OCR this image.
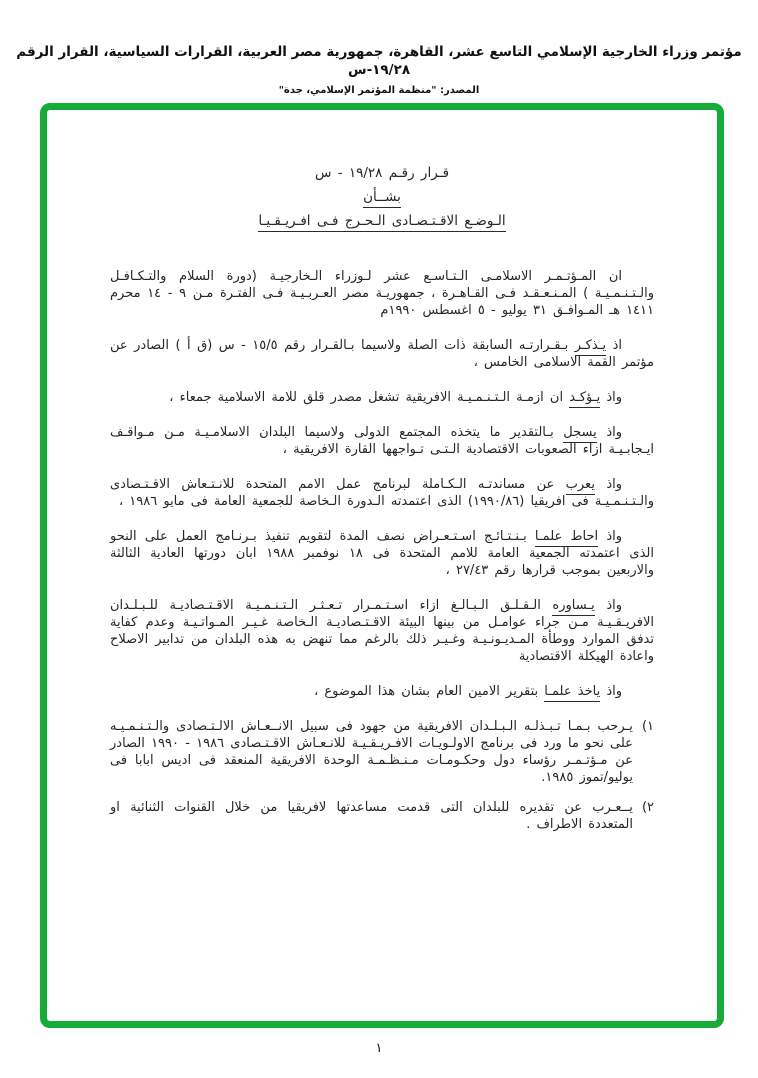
مؤتمر وزراء الخارجية الإسلامي التاسع عشر، القاهرة، جمهورية مصر العربية، القرارات السياسية، القرار الرقم ١٩/٢٨-س
المصدر: "منظمة المؤتمر الإسلامي، جدة"
قـرار رقـم ١٩/٢٨ - س
بشــأن
الـوضـع الاقـتـصـادى الـحـرج فـى افـريـقـيـا

ان المـؤتـمـر الاسلامـى الـتـاسـع عشر لـوزراء الـخارجيـة (دورة السلام والتـكـافـل والـتـنـمـيـة ) المـنـعـقـد فـى القـاهـرة ، جمهوريـة مصر العـربـيـة فـى الفتـرة مـن ٩ - ١٤ محرم ١٤١١ هـ المـوافـق ٣١ يوليو - ٥ اغسطس ١٩٩٠م

اذ يـذكـر بـقـرارتـه السابقة ذات الصلة ولاسيما بـالقـرار رقم ١٥/٥ - س (ق أ ) الصادر عن مؤتمر القمة الاسلامى الخامس ،

واذ يـؤكـد ان ازمـة الـتـنـمـيـة الافريقية تشغل مصدر قلق للامة الاسلامية جمعاء ،

واذ يسجل بـالتقدير ما يتخذه المجتمع الدولى ولاسيما البلدان الاسلامـيـة مـن مـواقـف ايـجابـيـة ازاء الصعوبات الاقتصادية الـتـى تـواجهها القارة الافريقية ،

واذ يعرب عن مساندتـه الـكـاملة لبرنامج عمل الامم المتحدة للانـتـعاش الاقـتـصادى والـتـنـمـيـة فى افريقيا (١٩٩٠/٨٦) الذى اعتمدته الـدورة الـخاصة للجمعية العامة فى مايو ١٩٨٦ ،

واذ احاط علمـا بـنـتـائـج اسـتـعـراض نصف المدة لتقويم تنفيذ بـرنـامج العمل على النحو الذى اعتمدته الجمعية العامة للامم المتحدة فى ١٨ نوفمبر ١٩٨٨ ابان دورتها العادية الثالثة والاربعين بموجب قرارها رقم ٢٧/٤٣ ،

واذ يـساوره الـقـلـق الـبـالـغ ازاء اسـتـمـرار تـعـثـر الـتـنـمـيـة الاقـتـصاديـة للـبـلـدان الافريـقـيـة مـن جراء عوامـل من بينها البيئة الاقـتـصاديـة الـخاصة غـيـر المـواتـيـة وعدم كفاية تدفق الموارد ووطأة المـديـونـيـة وغـيـر ذلك بالرغم مما تنهض به هذه البلدان من تدابير الاصلاح واعادة الهيكلة الاقتصادية

واذ ياخذ علمـا بتقرير الامين العام بشان هذا الموضوع ،

(١
يـرحب بـمـا تـبـذلـه الـبـلـدان الافريقية من جهود فى سبيل الانــعـاش الالـتـصادى والـتـنـمـيـه على نحو ما ورد فى برنامج الاولـويـات الافـريـقـيـة للانـعـاش الاقـتـصادى ١٩٨٦ - ١٩٩٠ الصادر عن مـؤتـمـر رؤساء دول وحكـومـات مـنـظـمـة الوحدة الافريقية المنعقد فى اديس ابابا فى يوليو/تموز ١٩٨٥.
(٢
يــعـرب عن تقديره للبلدان التى قدمت مساعدتها لافريقيا من خلال القنوات الثنائية او المتعددة الاطراف .
١
